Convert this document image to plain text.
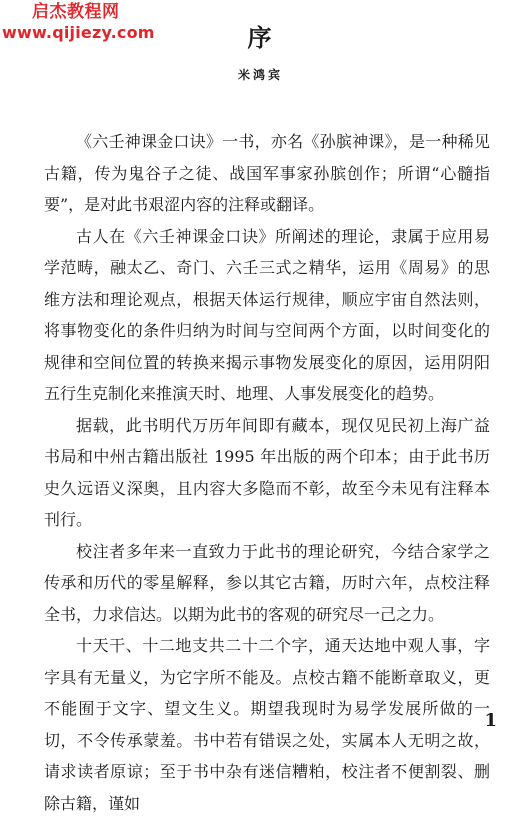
启杰教程网
www.qijiezy.com	序
米鸿宾

《六壬神课金口诀》一书，亦名《孙膑神课》，是一种稀见古籍，传为鬼谷子之徒、战国军事家孙膑创作；所谓“心髓指要”，是对此书艰涩内容的注释或翻译。

古人在《六壬神课金口诀》所阐述的理论，隶属于应用易学范畴，融太乙、奇门、六壬三式之精华，运用《周易》的思维方法和理论观点，根据天体运行规律，顺应宇宙自然法则，将事物变化的条件归纳为时间与空间两个方面，以时间变化的规律和空间位置的转换来揭示事物发展变化的原因，运用阴阳五行生克制化来推演天时、地理、人事发展变化的趋势。

据载，此书明代万历年间即有藏本，现仅见民初上海广益书局和中州古籍出版社 1995 年出版的两个印本；由于此书历史久远语义深奥，且内容大多隐而不彰，故至今未见有注释本刊行。

校注者多年来一直致力于此书的理论研究，今结合家学之传承和历代的零星解释，参以其它古籍，历时六年，点校注释全书，力求信达。以期为此书的客观的研究尽一己之力。

十天干、十二地支共二十二个字，通天达地中观人事，字字具有无量义，为它字所不能及。点校古籍不能断章取义，更不能囿于文字、望文生义。期望我现时为易学发展所做的一切，不令传承蒙羞。书中若有错误之处，实属本人无明之故，请求读者原谅；至于书中杂有迷信糟粕，校注者不便割裂、删除古籍，谨如

1
